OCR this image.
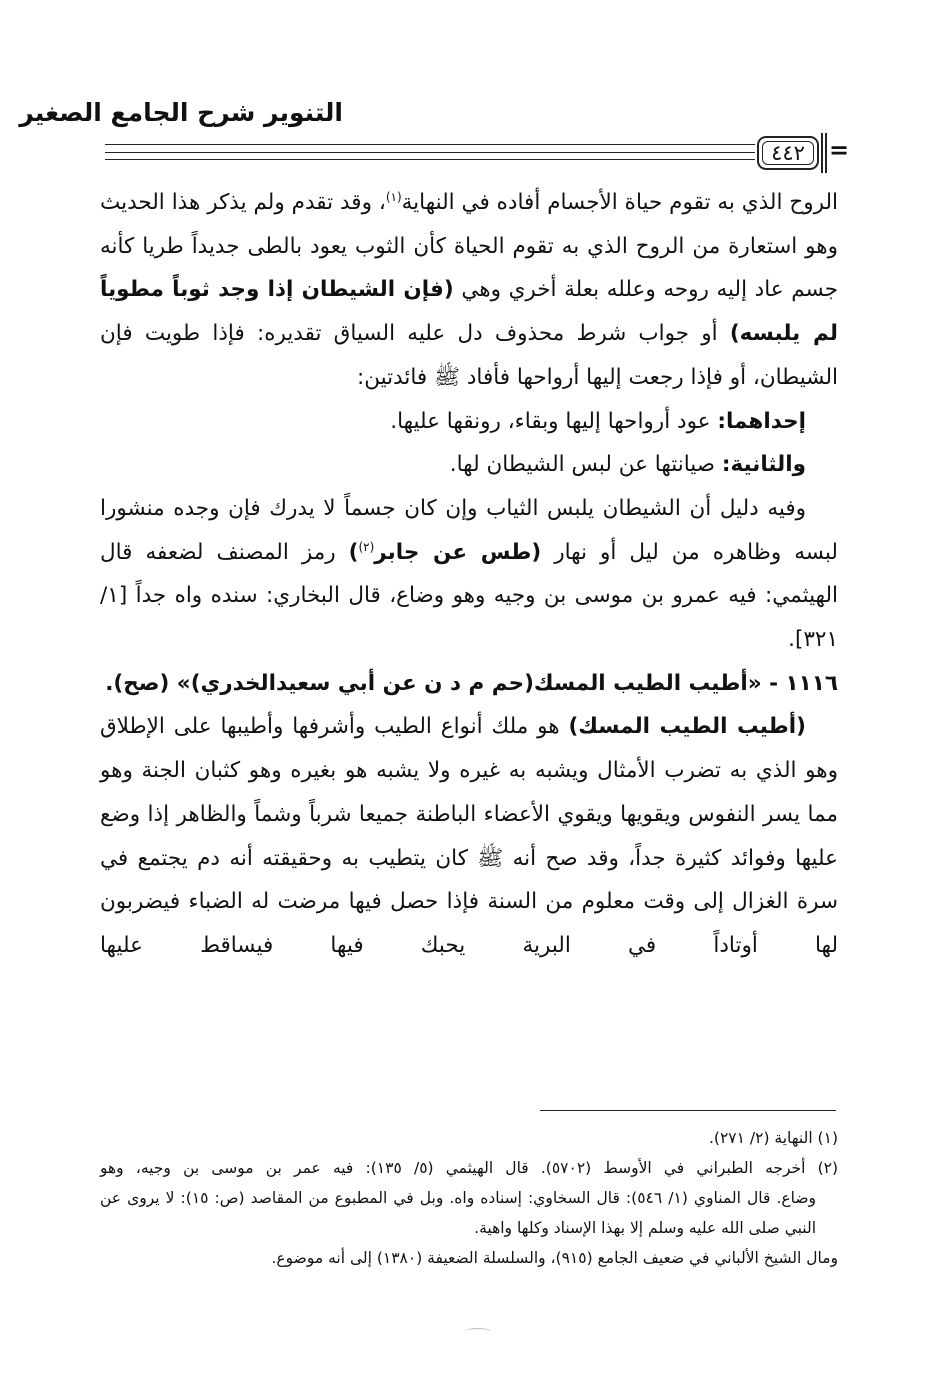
التنوير شرح الجامع الصغير
٤٤٢ =

الروح الذي به تقوم حياة الأجسام أفاده في النهاية$^{(١)}$، وقد تقدم ولم يذكر هذا الحديث وهو استعارة من الروح الذي به تقوم الحياة كأن الثوب يعود بالطى جديداً طريا كأنه جسم عاد إليه روحه وعلله بعلة أخري وهي (فإن الشيطان إذا وجد ثوباً مطوياً لم يلبسه) أو جواب شرط محذوف دل عليه السياق تقديره: فإذا طويت فإن الشيطان، أو فإذا رجعت إليها أرواحها فأفاد ﷺ فائدتين:

إحداهما: عود أرواحها إليها وبقاء، رونقها عليها.

والثانية: صيانتها عن لبس الشيطان لها.

وفيه دليل أن الشيطان يلبس الثياب وإن كان جسماً لا يدرك فإن وجده منشورا لبسه وظاهره من ليل أو نهار (طس عن جابر$^{(٢)}$) رمز المصنف لضعفه قال الهيثمي: فيه عمرو بن موسى بن وجيه وهو وضاع، قال البخاري: سنده واه جداً [١/ ٣٢١].

١١١٦ - «أطيب الطيب المسك(حم م د ن عن أبي سعيدالخدري)» (صح).

(أطيب الطيب المسك) هو ملك أنواع الطيب وأشرفها وأطيبها على الإطلاق وهو الذي به تضرب الأمثال ويشبه به غيره ولا يشبه هو بغيره وهو كثبان الجنة وهو مما يسر النفوس ويقويها ويقوي الأعضاء الباطنة جميعا شرباً وشماً والظاهر إذا وضع عليها وفوائد كثيرة جداً، وقد صح أنه ﷺ كان يتطيب به وحقيقته أنه دم يجتمع في سرة الغزال إلى وقت معلوم من السنة فإذا حصل فيها مرضت له الضباء فيضربون لها أوتاداً في البرية يحبك فيها فيساقط عليها

(١) النهاية (٢/ ٢٧١).

(٢) أخرجه الطبراني في الأوسط (٥٧٠٢). قال الهيثمي (٥/ ١٣٥): فيه عمر بن موسى بن وجيه، وهو

وضاع. قال المناوي (١/ ٥٤٦): قال السخاوي: إسناده واه. وبل في المطبوع من المقاصد (ص: ١٥): لا يروى عن النبي صلى الله عليه وسلم إلا بهذا الإسناد وكلها واهية.

ومال الشيخ الألباني في ضعيف الجامع (٩١٥)، والسلسلة الضعيفة (١٣٨٠) إلى أنه موضوع.
